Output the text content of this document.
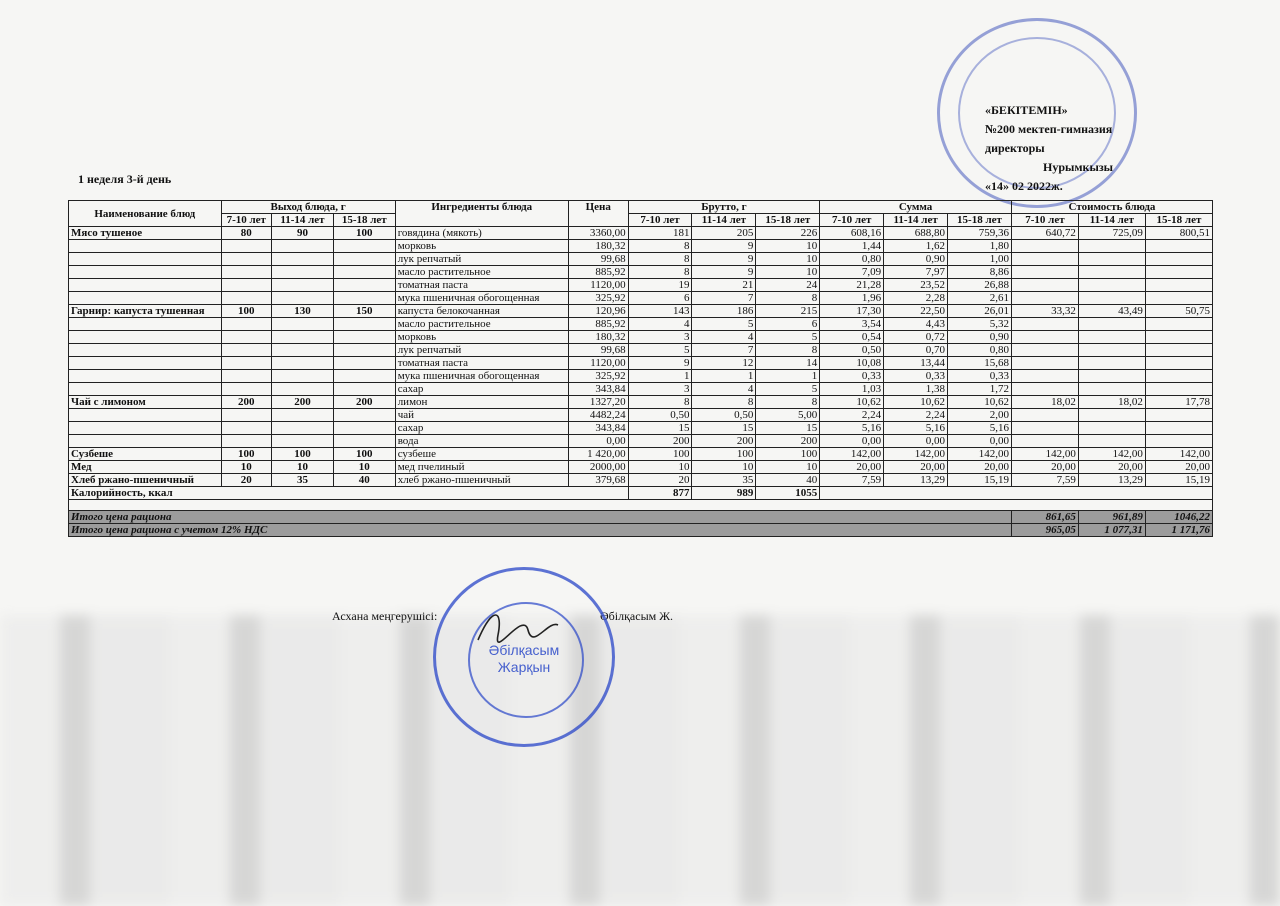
«БЕКІТЕМІН»
№200 мектеп-гимназия
директоры
Нурымкызы
«14» 02 2022ж.
1 неделя 3-й день
Наименование блюд	Выход блюда, г			Ингредиенты блюда	Цена	Брутто, г			Сумма			Стоимость блюда		
	7-10 лет	11-14 лет	15-18 лет			7-10 лет	11-14 лет	15-18 лет	7-10 лет	11-14 лет	15-18 лет	7-10 лет	11-14 лет	15-18 лет

Мясо тушеное	80	90	100	говядина (мякоть)	3360,00	181	205	226	608,16	688,80	759,36	640,72	725,09	800,51
				морковь	180,32	8	9	10	1,44	1,62	1,80			
				лук репчатый	99,68	8	9	10	0,80	0,90	1,00			
				масло растительное	885,92	8	9	10	7,09	7,97	8,86			
				томатная паста	1120,00	19	21	24	21,28	23,52	26,88			
				мука пшеничная обогощенная	325,92	6	7	8	1,96	2,28	2,61			
Гарнир: капуста тушенная	100	130	150	капуста белокочанная	120,96	143	186	215	17,30	22,50	26,01	33,32	43,49	50,75
				масло растительное	885,92	4	5	6	3,54	4,43	5,32			
				морковь	180,32	3	4	5	0,54	0,72	0,90			
				лук репчатый	99,68	5	7	8	0,50	0,70	0,80			
				томатная паста	1120,00	9	12	14	10,08	13,44	15,68			
				мука пшеничная обогощенная	325,92	1	1	1	0,33	0,33	0,33			
				сахар	343,84	3	4	5	1,03	1,38	1,72			
Чай с лимоном	200	200	200	лимон	1327,20	8	8	8	10,62	10,62	10,62	18,02	18,02	17,78
				чай	4482,24	0,50	0,50	5,00	2,24	2,24	2,00			
				сахар	343,84	15	15	15	5,16	5,16	5,16			
				вода	0,00	200	200	200	0,00	0,00	0,00			
Сузбеше	100	100	100	сузбеше	1 420,00	100	100	100	142,00	142,00	142,00	142,00	142,00	142,00
Мед	10	10	10	мед пчелиный	2000,00	10	10	10	20,00	20,00	20,00	20,00	20,00	20,00
Хлеб ржано-пшеничный	20	35	40	хлеб ржано-пшеничный	379,68	20	35	40	7,59	13,29	15,19	7,59	13,29	15,19
Калорийность, ккал						877	989	1055						

Итого цена рациона												861,65	961,89	1046,22
Итого цена рациона с учетом 12% НДС												965,05	1 077,31	1 171,76
Асхана меңгерушісі:	Әбілқасым Ж.
Әбілқасым
Жарқын
